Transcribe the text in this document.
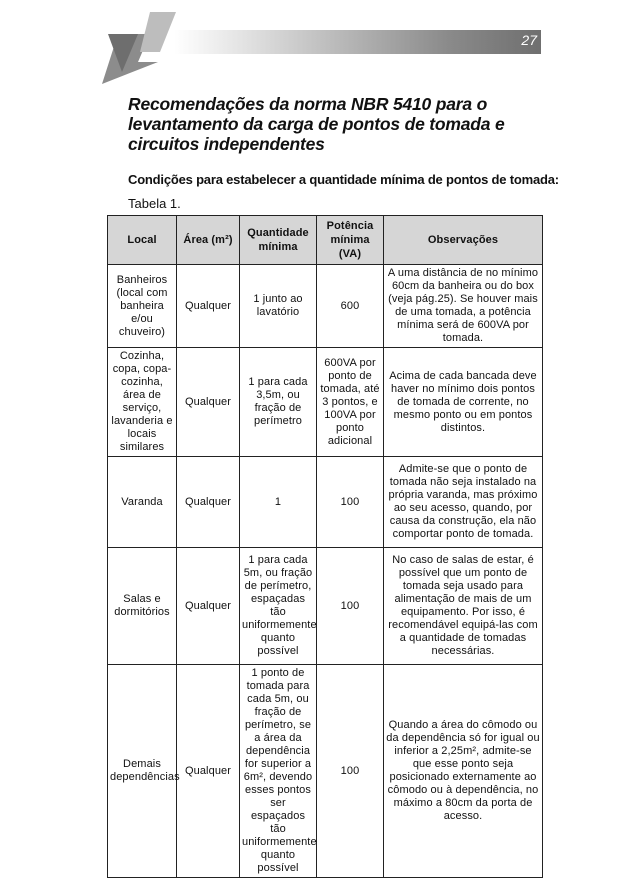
27
Recomendações da norma NBR 5410 para o levantamento da carga de pontos de tomada e circuitos independentes

Condições para estabelecer a quantidade mínima de pontos de tomada:

Tabela 1.

Local	Área (m²)	Quantidade mínima	Potência mínima (VA)	Observações
Banheiros (local com banheira e/ou chuveiro)	Qualquer	1 junto ao lavatório	600	A uma distância de no mínimo 60cm da banheira ou do box (veja pág.25). Se houver mais de uma tomada, a potência mínima será de 600VA por tomada.
Cozinha, copa, copa-cozinha, área de serviço, lavanderia e locais similares	Qualquer	1 para cada 3,5m, ou fração de perímetro	600VA por ponto de tomada, até 3 pontos, e 100VA por ponto adicional	Acima de cada bancada deve haver no mínimo dois pontos de tomada de corrente, no mesmo ponto ou em pontos distintos.
Varanda	Qualquer	1	100	Admite-se que o ponto de tomada não seja instalado na própria varanda, mas próximo ao seu acesso, quando, por causa da construção, ela não comportar ponto de tomada.
Salas e dormitórios	Qualquer	1 para cada 5m, ou fração de perímetro, espaçadas tão uniformemente quanto possível	100	No caso de salas de estar, é possível que um ponto de tomada seja usado para alimentação de mais de um equipamento. Por isso, é recomendável equipá-las com a quantidade de tomadas necessárias.
Demais dependências	Qualquer	1 ponto de tomada para cada 5m, ou fração de perímetro, se a área da dependência for superior a 6m², devendo esses pontos ser espaçados tão uniformemente quanto possível	100	Quando a área do cômodo ou da dependência só for igual ou inferior a 2,25m², admite-se que esse ponto seja posicionado externamente ao cômodo ou à dependência, no máximo a 80cm da porta de acesso.
